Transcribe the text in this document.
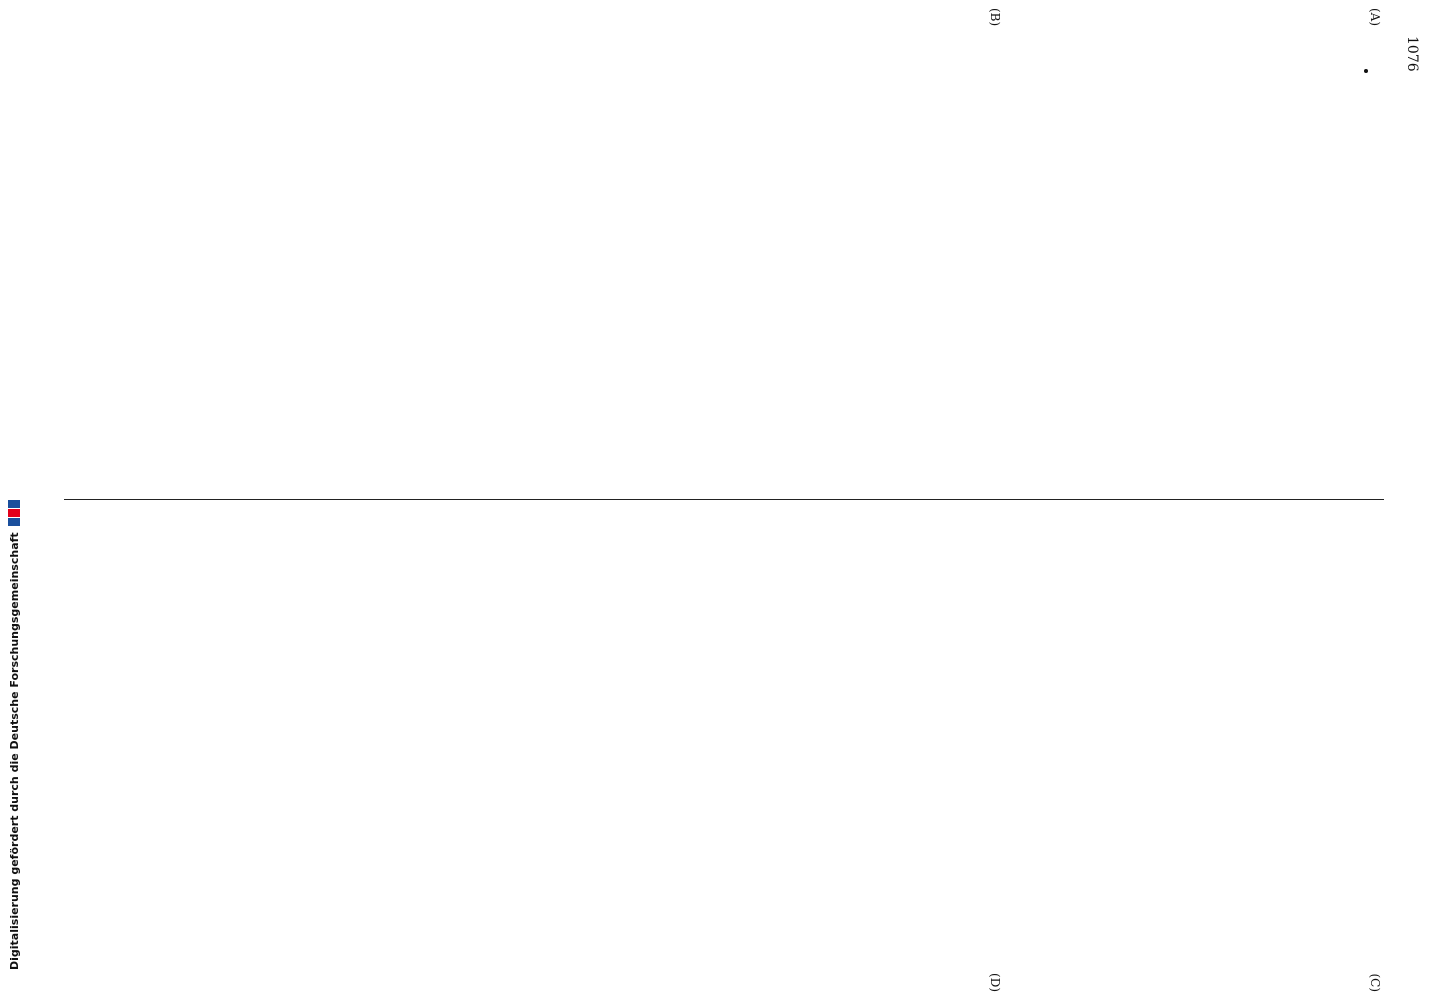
1076
(A)
(B)
(C)
(D)
Digitalisierung gefördert durch die Deutsche Forschungsgemeinschaft
